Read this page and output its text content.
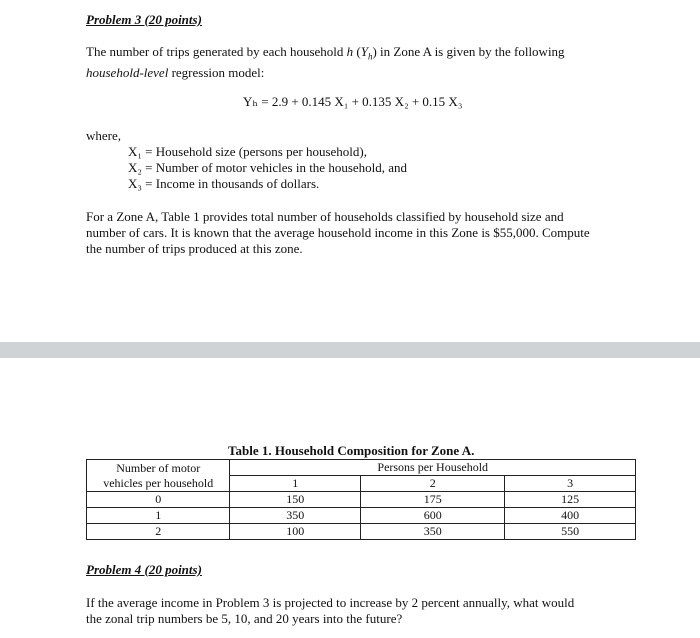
Problem 3 (20 points)
The number of trips generated by each household h $(Y_h)$ in Zone A is given by the following
household-level regression model:
Yₕ = 2.9 + 0.145 X₁ + 0.135 X₂ + 0.15 X₃
where,
X₁ = Household size (persons per household),
X₂ = Number of motor vehicles in the household, and
X₃ = Income in thousands of dollars.
For a Zone A, Table 1 provides total number of households classified by household size and
number of cars. It is known that the average household income in this Zone is $55,000. Compute
the number of trips produced at this zone.
Table 1. Household Composition for Zone A.
Number of motor
vehicles per household	Persons per Household		
	1	2	3
0	150	175	125
1	350	600	400
2	100	350	550
Problem 4 (20 points)
If the average income in Problem 3 is projected to increase by 2 percent annually, what would
the zonal trip numbers be 5, 10, and 20 years into the future?
